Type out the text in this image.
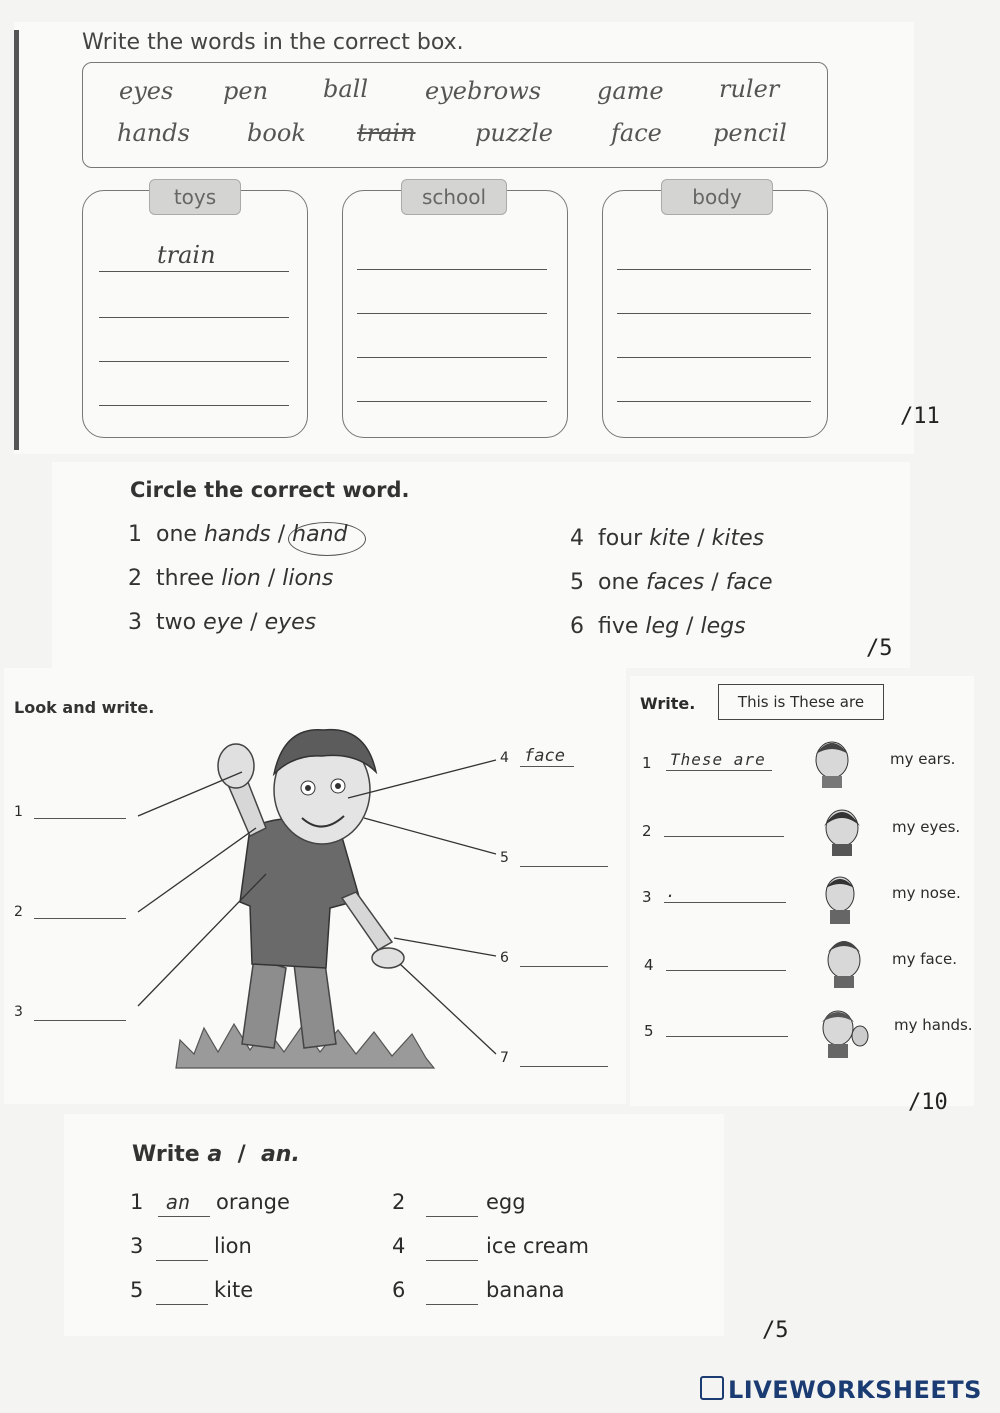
Write the words in the correct box.
eyes pen ball eyebrows game ruler
hands book train puzzle face pencil
toys
train
school	body
/11
Circle the correct word.
1 one hands / hand
2 three lion / lions
3 two eye / eyes
4 four kite / kites
5 one faces / face
6 five leg / legs
/5
Look and write.
1
2
3
4 face
5
6
7
Write.	This is These are
1 These are	my ears.
2	my eyes.
3 .	my nose.
4	my face.
5	my hands.
/10
Write a / an.
1 an orange	2	egg
3	lion	4	ice cream
5	kite	6	banana
/5
LIVEWORKSHEETS
